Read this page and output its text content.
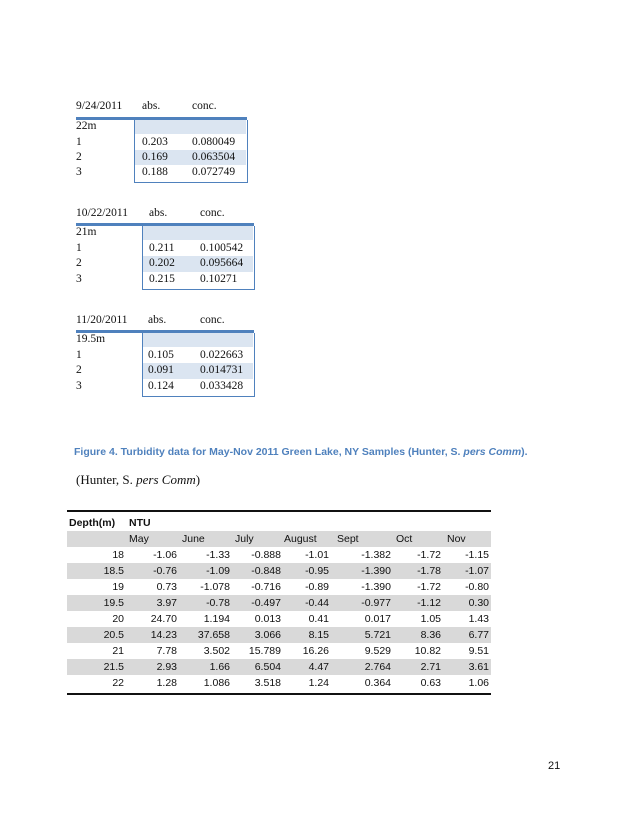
9/24/2011 abs.	conc.
22m
1	0.203 0.080049
2	0.169 0.063504
3	0.188 0.072749
10/22/2011 abs.	conc.
21m
1	0.211 0.100542
2	0.202 0.095664
3	0.215 0.10271
11/20/2011 abs.	conc.
19.5m
1	0.105 0.022663
2	0.091 0.014731
3	0.124 0.033428
Figure 4. Turbidity data for May-Nov 2011 Green Lake, NY Samples (Hunter, S. pers Comm).
(Hunter, S. pers Comm)
Depth(m) NTU
May	June	July	August Sept	Oct	Nov
18	-1.06	-1.33 -0.888 -1.01	-1.382 -1.72 -1.15
18.5	-0.76	-1.09 -0.848 -0.95	-1.390 -1.78 -1.07
19	0.73 -1.078 -0.716 -0.89	-1.390 -1.72 -0.80
19.5	3.97	-0.78 -0.497 -0.44	-0.977 -1.12	0.30
20	24.70	1.194 0.013	0.41	0.017	1.05	1.43
20.5	14.23 37.658 3.066	8.15	5.721	8.36	6.77
21	7.78	3.502 15.789 16.26	9.529 10.82	9.51
21.5	2.93	1.66 6.504	4.47	2.764	2.71	3.61
22	1.28	1.086 3.518	1.24	0.364	0.63	1.06
21
